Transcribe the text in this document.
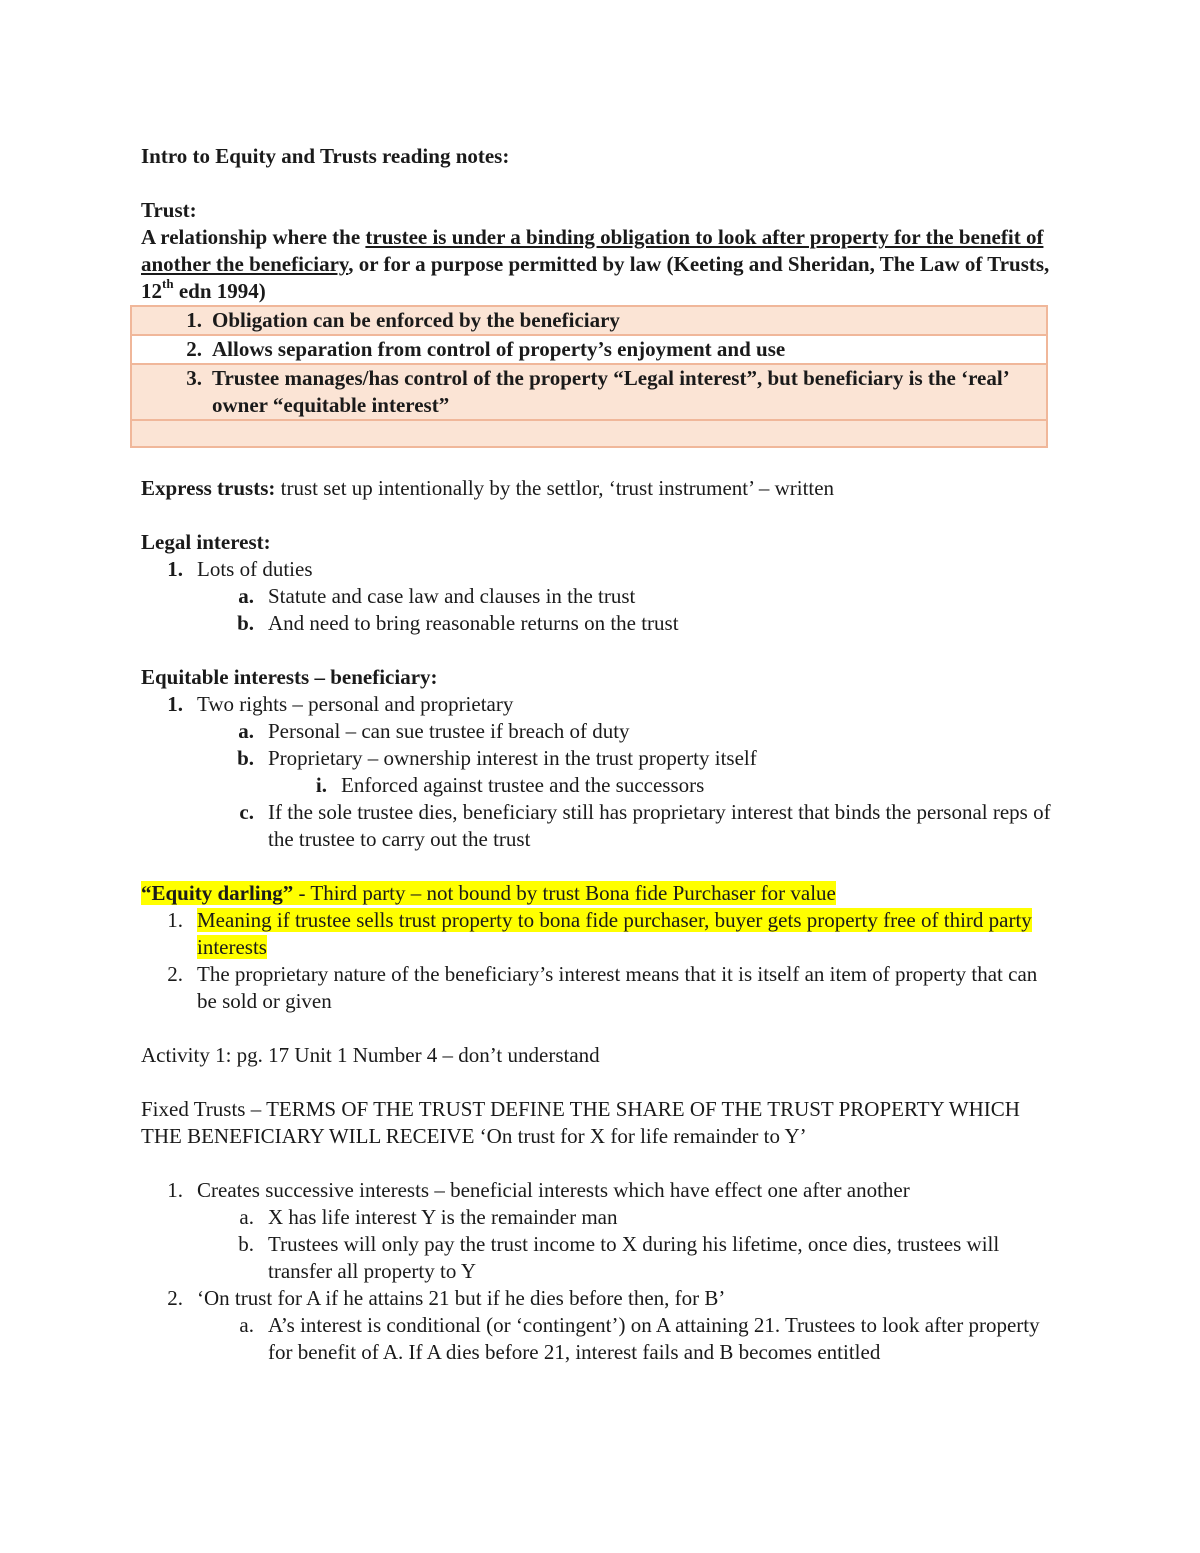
Intro to Equity and Trusts reading notes:
Trust:
A relationship where the trustee is under a binding obligation to look after property for the benefit of another the beneficiary, or for a purpose permitted by law (Keeting and Sheridan, The Law of Trusts, 12th edn 1994)
1. Obligation can be enforced by the beneficiary

2. Allows separation from control of property’s enjoyment and use

3. Trustee manages/has control of the property “Legal interest”, but beneficiary is the ‘real’ owner “equitable interest”

Express trusts: trust set up intentionally by the settlor, ‘trust instrument’ – written
Legal interest:
1. Lots of duties
a. Statute and case law and clauses in the trust
b. And need to bring reasonable returns on the trust
Equitable interests – beneficiary:
1. Two rights – personal and proprietary
a. Personal – can sue trustee if breach of duty
b. Proprietary – ownership interest in the trust property itself
i. Enforced against trustee and the successors
c. If the sole trustee dies, beneficiary still has proprietary interest that binds the personal reps of the trustee to carry out the trust
“Equity darling” - Third party – not bound by trust Bona fide Purchaser for value
1. Meaning if trustee sells trust property to bona fide purchaser, buyer gets property free of third party interests
2. The proprietary nature of the beneficiary’s interest means that it is itself an item of property that can be sold or given
Activity 1: pg. 17 Unit 1 Number 4 – don’t understand
Fixed Trusts – TERMS OF THE TRUST DEFINE THE SHARE OF THE TRUST PROPERTY WHICH THE BENEFICIARY WILL RECEIVE ‘On trust for X for life remainder to Y’
1. Creates successive interests – beneficial interests which have effect one after another
a. X has life interest Y is the remainder man
b. Trustees will only pay the trust income to X during his lifetime, once dies, trustees will transfer all property to Y
2. ‘On trust for A if he attains 21 but if he dies before then, for B’
a. A’s interest is conditional (or ‘contingent’) on A attaining 21. Trustees to look after property for benefit of A. If A dies before 21, interest fails and B becomes entitled
